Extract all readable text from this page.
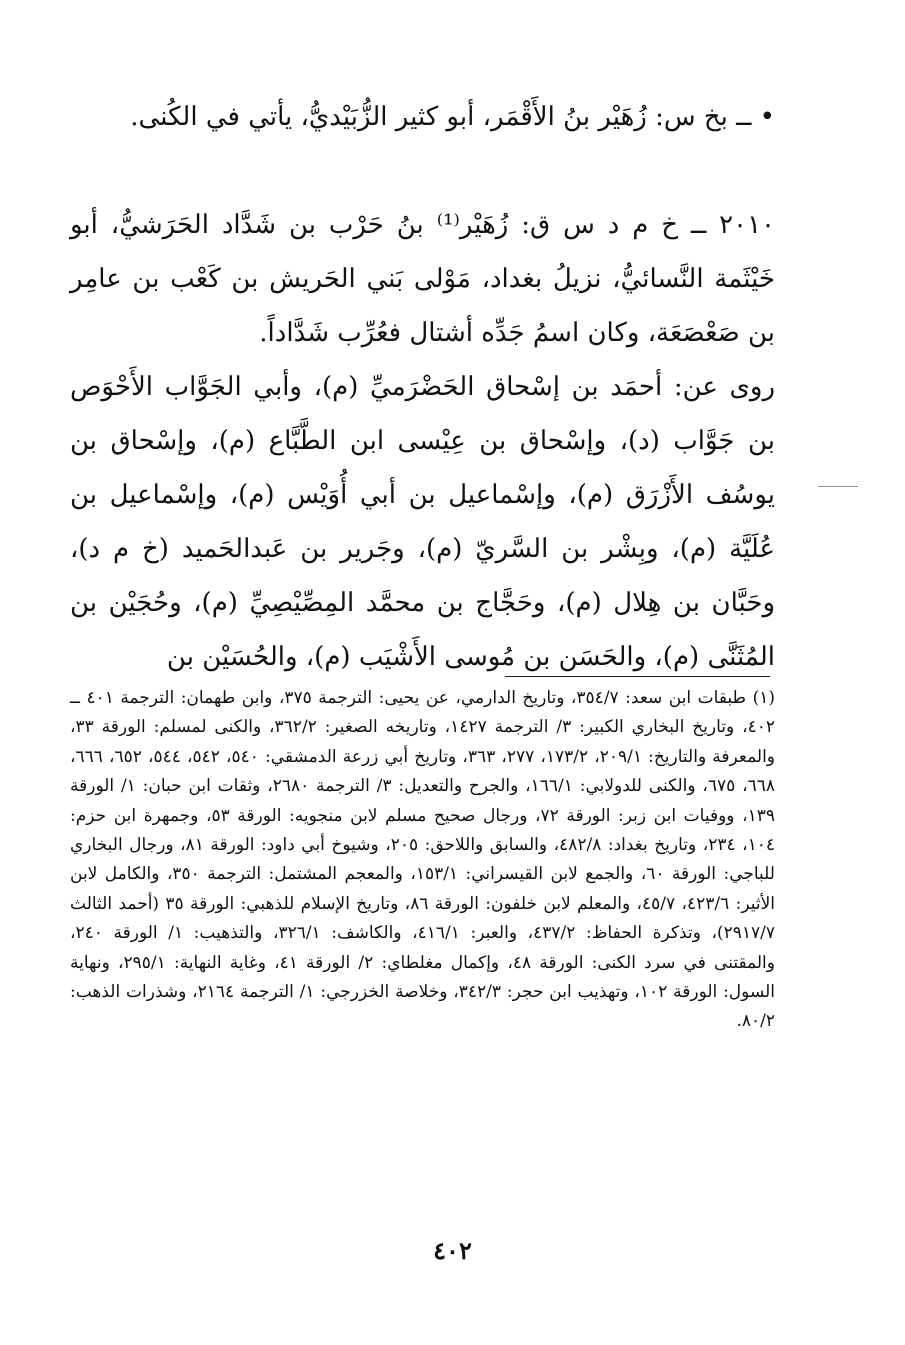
• ــ بخ س: زُهَيْر بنُ الأَقْمَر، أبو كثير الزُّبَيْديُّ، يأتي في الكُنى.

٢٠١٠ ــ خ م د س ق: زُهَيْر⁽¹⁾ بنُ حَرْب بن شَدَّاد الحَرَشيُّ، أبو خَيْثَمة النَّسائيُّ، نزيلُ بغداد، مَوْلى بَني الحَريش بن كَعْب بن عامِر بن صَعْصَعَة، وكان اسمُ جَدِّه أشتال فعُرِّب شَدَّاداً.

روى عن: أحمَد بن إسْحاق الحَضْرَميِّ (م)، وأبي الجَوَّاب الأَحْوَص بن جَوَّاب (د)، وإسْحاق بن عِيْسى ابن الطَّبَّاع (م)، وإسْحاق بن يوسُف الأَزْرَق (م)، وإسْماعيل بن أبي أُوَيْس (م)، وإسْماعيل بن عُلَيَّة (م)، وبِشْر بن السَّريّ (م)، وجَرير بن عَبدالحَميد (خ م د)، وحَبَّان بن هِلال (م)، وحَجَّاج بن محمَّد المِصِّيْصِيِّ (م)، وحُجَيْن بن المُثَنَّى (م)، والحَسَن بن مُوسى الأَشْيَب (م)، والحُسَيْن بن

(١) طبقات ابن سعد: ٣٥٤/٧، وتاريخ الدارمي، عن يحيى: الترجمة ٣٧٥، وابن طهمان: الترجمة ٤٠١ ــ ٤٠٢، وتاريخ البخاري الكبير: ٣/ الترجمة ١٤٢٧، وتاريخه الصغير: ٣٦٢/٢، والكنى لمسلم: الورقة ٣٣، والمعرفة والتاريخ: ٢٠٩/١، ١٧٣/٢، ٢٧٧، ٣٦٣، وتاريخ أبي زرعة الدمشقي: ٥٤٠، ٥٤٢، ٥٤٤، ٦٥٢، ٦٦٦، ٦٦٨، ٦٧٥، والكنى للدولابي: ١٦٦/١، والجرح والتعديل: ٣/ الترجمة ٢٦٨٠، وثقات ابن حبان: ١/ الورقة ١٣٩، ووفيات ابن زبر: الورقة ٧٢، ورجال صحيح مسلم لابن منجويه: الورقة ٥٣، وجمهرة ابن حزم: ١٠٤، ٢٣٤، وتاريخ بغداد: ٤٨٢/٨، والسابق واللاحق: ٢٠٥، وشيوخ أبي داود: الورقة ٨١، ورجال البخاري للباجي: الورقة ٦٠، والجمع لابن القيسراني: ١٥٣/١، والمعجم المشتمل: الترجمة ٣٥٠، والكامل لابن الأثير: ٤٢٣/٦، ٤٥/٧، والمعلم لابن خلفون: الورقة ٨٦، وتاريخ الإسلام للذهبي: الورقة ٣٥ (أحمد الثالث ٢٩١٧/٧)، وتذكرة الحفاظ: ٤٣٧/٢، والعبر: ٤١٦/١، والكاشف: ٣٢٦/١، والتذهيب: ١/ الورقة ٢٤٠، والمقتنى في سرد الكنى: الورقة ٤٨، وإكمال مغلطاي: ٢/ الورقة ٤١، وغاية النهاية: ٢٩٥/١، ونهاية السول: الورقة ١٠٢، وتهذيب ابن حجر: ٣٤٢/٣، وخلاصة الخزرجي: ١/ الترجمة ٢١٦٤، وشذرات الذهب: ٨٠/٢.

٤٠٢
